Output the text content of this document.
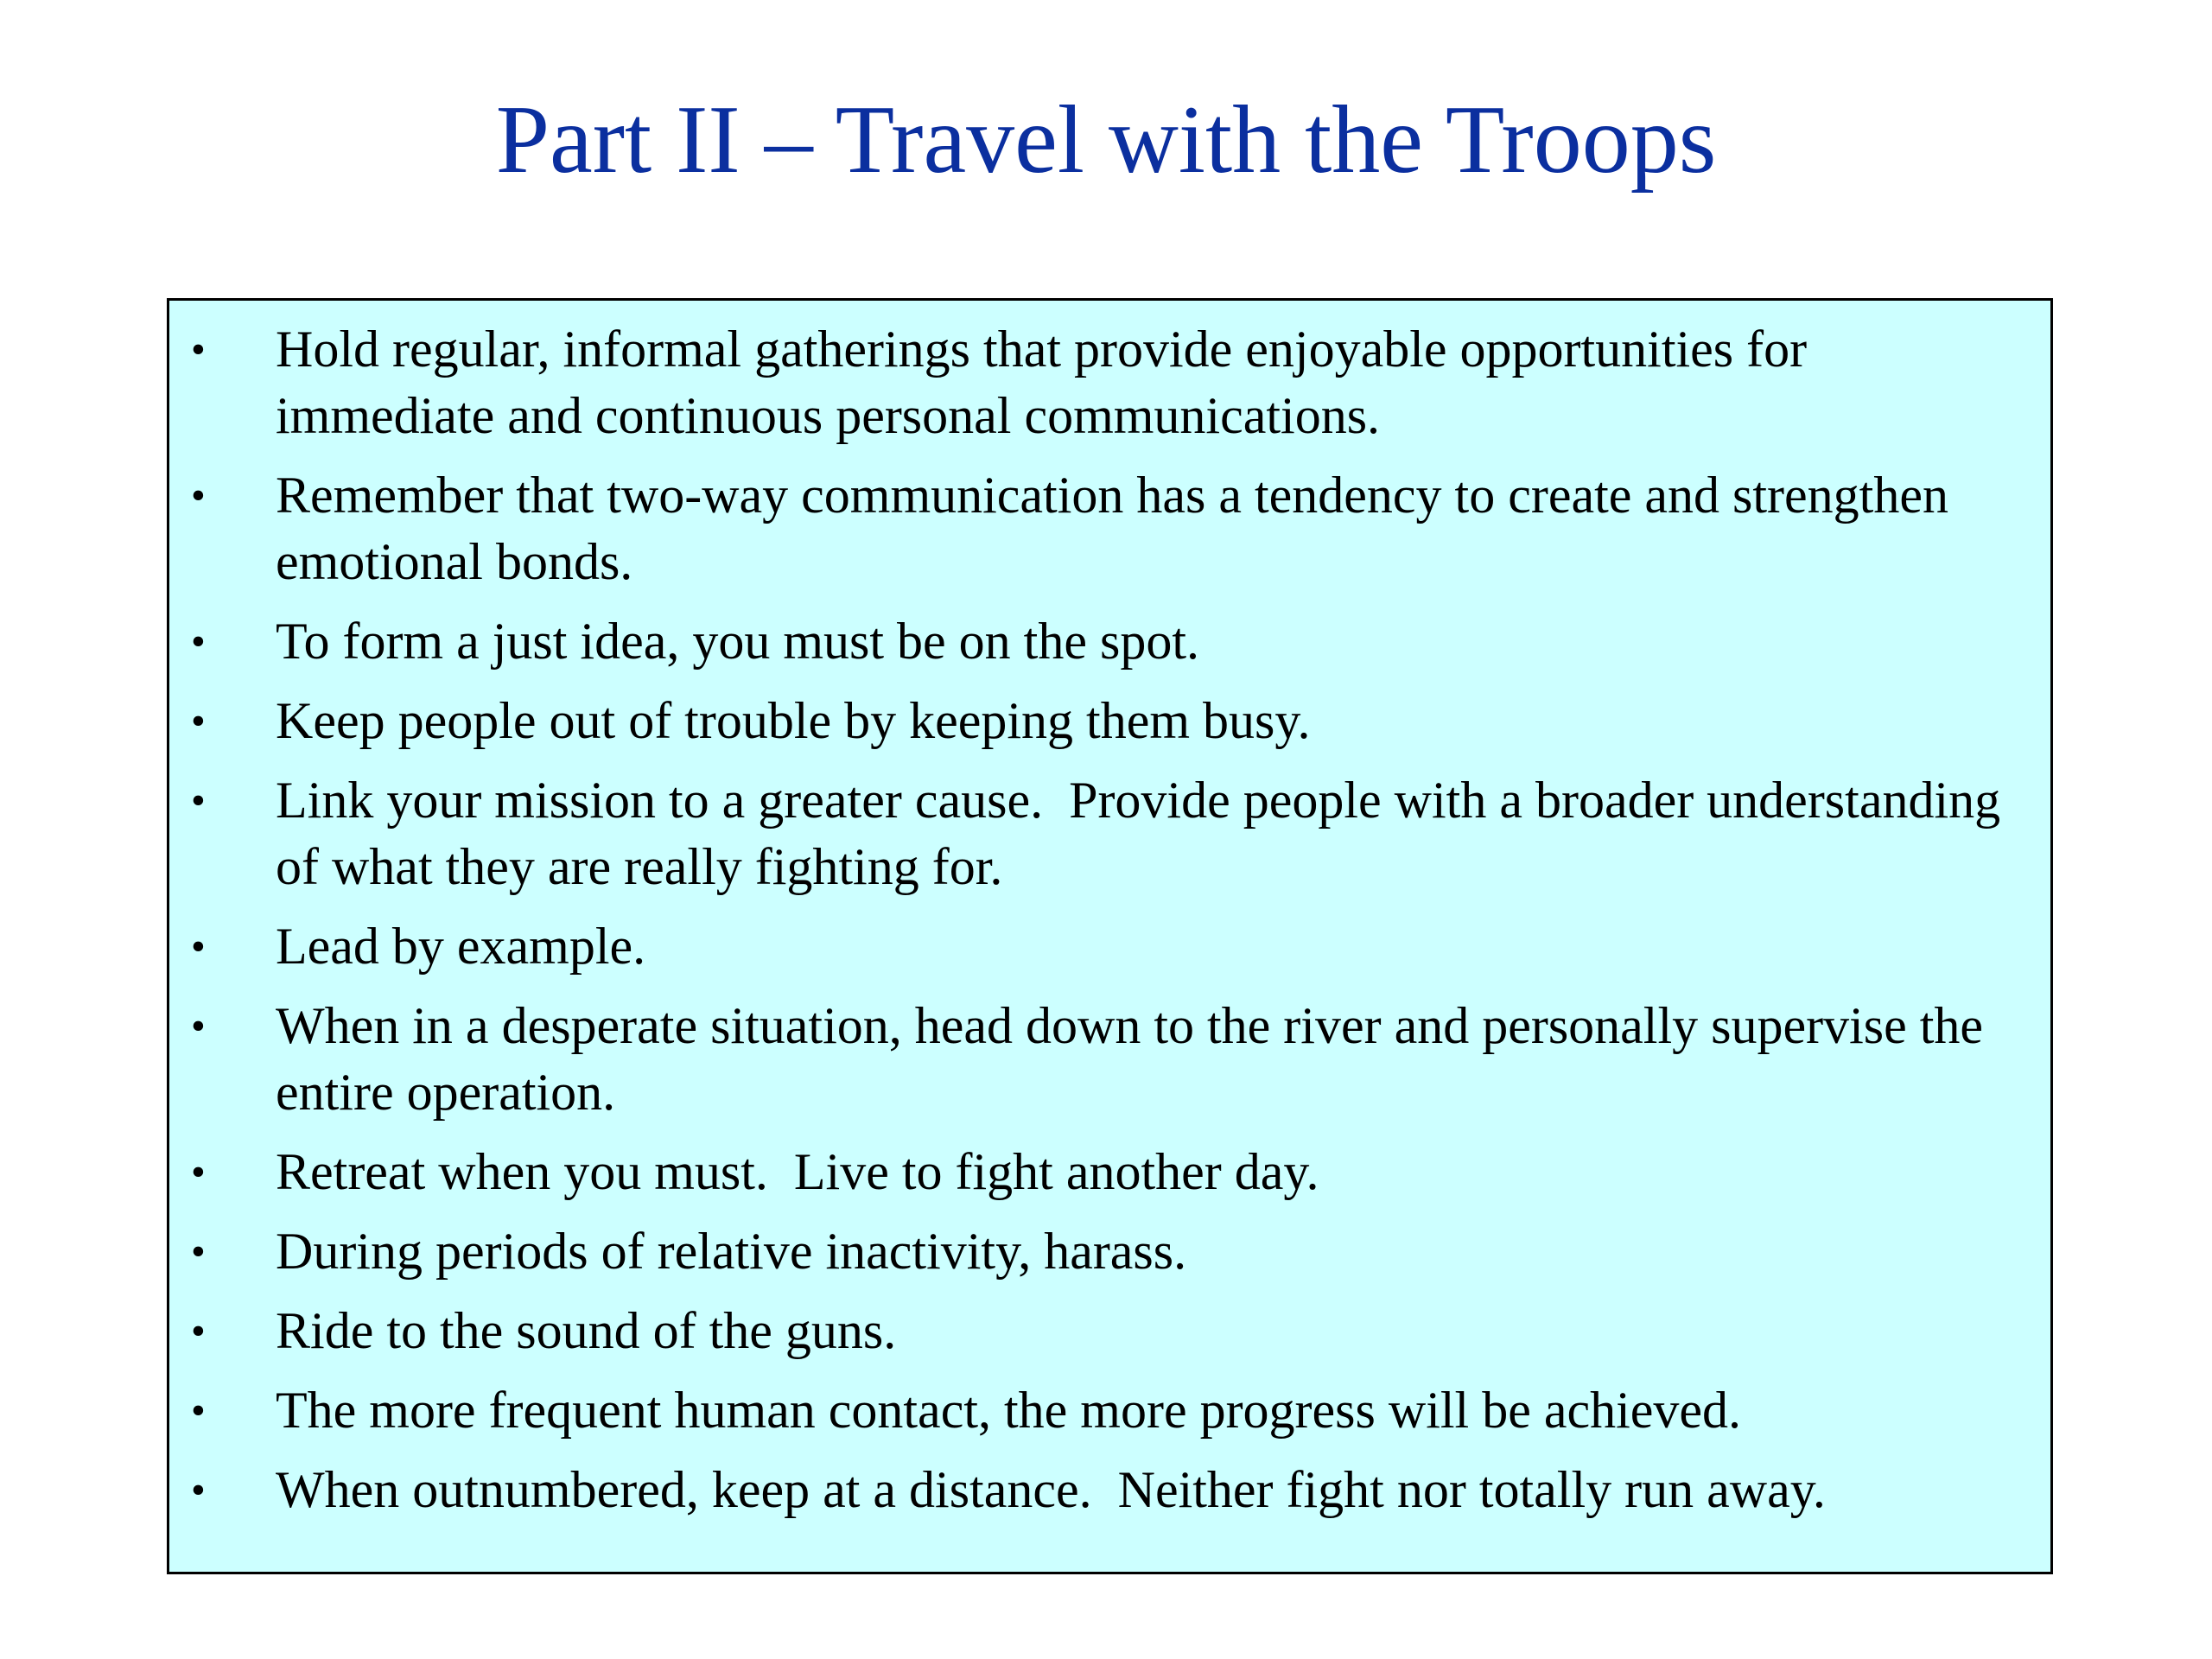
Part II – Travel with the Troops
• Hold regular, informal gatherings that provide enjoyable opportunities for immediate and continuous personal communications.
• Remember that two-way communication has a tendency to create and strengthen emotional bonds.
• To form a just idea, you must be on the spot.
• Keep people out of trouble by keeping them busy.
• Link your mission to a greater cause.  Provide people with a broader understanding of what they are really fighting for.
• Lead by example.
• When in a desperate situation, head down to the river and personally supervise the entire operation.
• Retreat when you must.  Live to fight another day.
• During periods of relative inactivity, harass.
• Ride to the sound of the guns.
• The more frequent human contact, the more progress will be achieved.
• When outnumbered, keep at a distance.  Neither fight nor totally run away.
